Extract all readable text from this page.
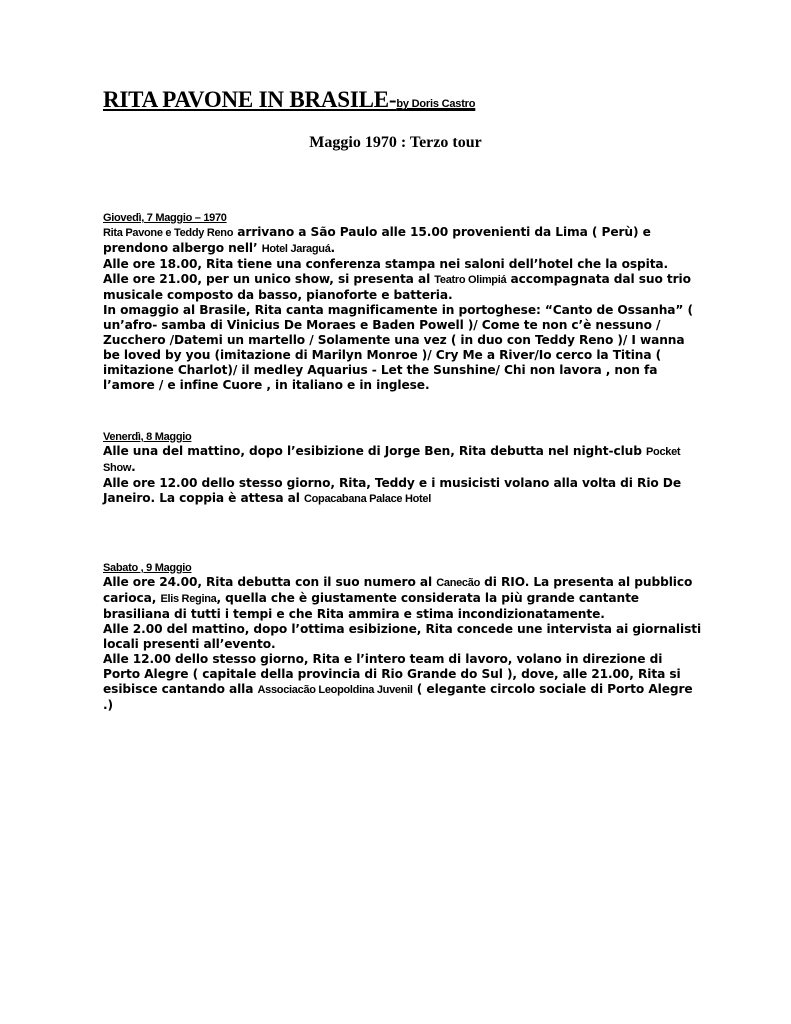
RITA PAVONE IN BRASILE-by Doris Castro
Maggio 1970 : Terzo tour
Giovedì, 7 Maggio – 1970
Rita Pavone e Teddy Reno arrivano a São Paulo alle 15.00 provenienti da Lima ( Perù) e prendono albergo nell’ Hotel Jaraguá.
Alle ore 18.00, Rita tiene una conferenza stampa nei saloni dell’hotel che la ospita.
Alle ore 21.00, per un unico show, si presenta al Teatro Olimpiá accompagnata dal suo trio musicale composto da basso, pianoforte e batteria.
In omaggio al Brasile, Rita canta magnificamente in portoghese: “Canto de Ossanha” ( un’afro- samba di Vinicius De Moraes e Baden Powell )/ Come te non c’è nessuno / Zucchero /Datemi un martello / Solamente una vez ( in duo con Teddy Reno )/ I wanna be loved by you (imitazione di Marilyn Monroe )/ Cry Me a River/Io cerco la Titina ( imitazione Charlot)/ il medley Aquarius - Let the Sunshine/ Chi non lavora , non fa l’amore / e infine Cuore , in italiano e in inglese.
Venerdì, 8 Maggio
Alle una del mattino, dopo l’esibizione di Jorge Ben, Rita debutta nel night-club Pocket Show.
Alle ore 12.00 dello stesso giorno, Rita, Teddy e i musicisti volano alla volta di Rio De Janeiro. La coppia è attesa al Copacabana Palace Hotel
Sabato , 9 Maggio
Alle ore 24.00, Rita debutta con il suo numero al Canecão di RIO. La presenta al pubblico carioca, Elis Regina, quella che è giustamente considerata la più grande cantante brasiliana di tutti i tempi e che Rita ammira e stima incondizionatamente.
Alle 2.00 del mattino, dopo l’ottima esibizione, Rita concede une intervista ai giornalisti locali presenti all’evento.
Alle 12.00 dello stesso giorno, Rita e l’intero team di lavoro, volano in direzione di Porto Alegre ( capitale della provincia di Rio Grande do Sul ), dove, alle 21.00, Rita si esibisce cantando alla Associacão Leopoldina Juvenil ( elegante circolo sociale di Porto Alegre .)
